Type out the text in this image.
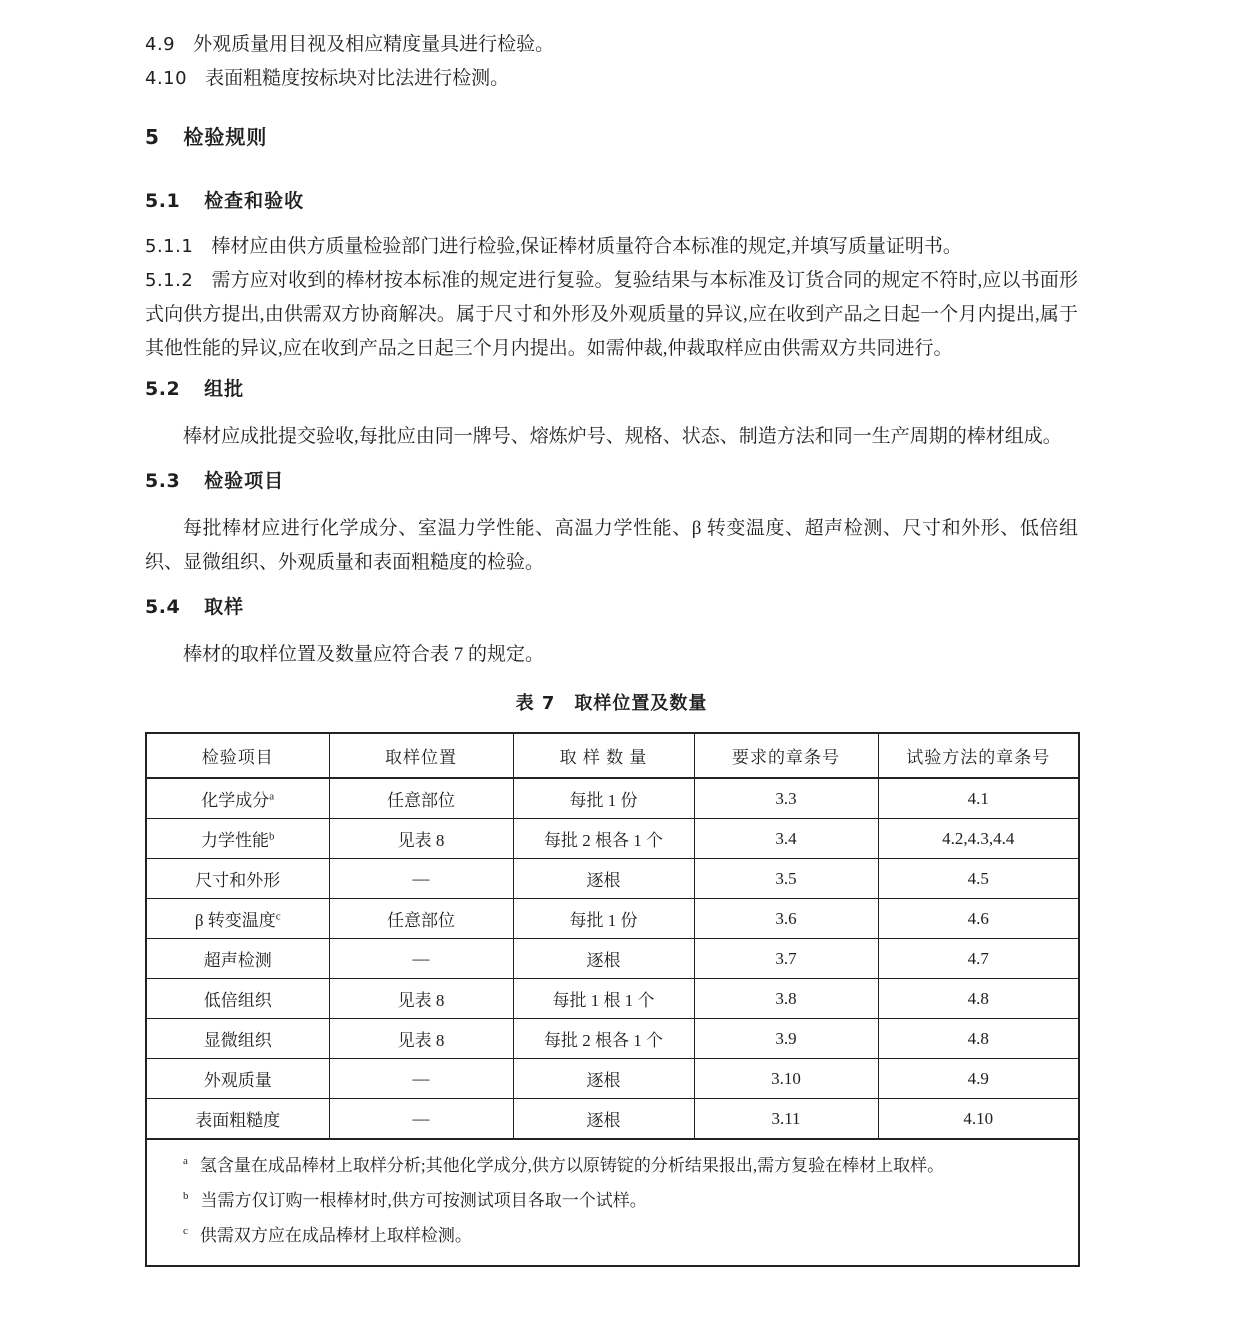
4.9 外观质量用目视及相应精度量具进行检验。

4.10 表面粗糙度按标块对比法进行检测。

5 检验规则

5.1 检查和验收

5.1.1 棒材应由供方质量检验部门进行检验,保证棒材质量符合本标准的规定,并填写质量证明书。

5.1.2 需方应对收到的棒材按本标准的规定进行复验。复验结果与本标准及订货合同的规定不符时,应以书面形式向供方提出,由供需双方协商解决。属于尺寸和外形及外观质量的异议,应在收到产品之日起一个月内提出,属于其他性能的异议,应在收到产品之日起三个月内提出。如需仲裁,仲裁取样应由供需双方共同进行。

5.2 组批

棒材应成批提交验收,每批应由同一牌号、熔炼炉号、规格、状态、制造方法和同一生产周期的棒材组成。

5.3 检验项目

每批棒材应进行化学成分、室温力学性能、高温力学性能、β 转变温度、超声检测、尺寸和外形、低倍组织、显微组织、外观质量和表面粗糙度的检验。

5.4 取样

棒材的取样位置及数量应符合表 7 的规定。

表 7　取样位置及数量

检验项目	取样位置	取 样 数 量	要求的章条号	试验方法的章条号
化学成分$^a$	任意部位	每批 1 份	3.3	4.1
力学性能$^b$	见表 8	每批 2 根各 1 个	3.4	4.2,4.3,4.4
尺寸和外形	—	逐根	3.5	4.5
β 转变温度$^c$	任意部位	每批 1 份	3.6	4.6
超声检测	—	逐根	3.7	4.7
低倍组织	见表 8	每批 1 根 1 个	3.8	4.8
显微组织	见表 8	每批 2 根各 1 个	3.9	4.8
外观质量	—	逐根	3.10	4.9
表面粗糙度	—	逐根	3.11	4.10

$^a$ 氢含量在成品棒材上取样分析;其他化学成分,供方以原铸锭的分析结果报出,需方复验在棒材上取样。
$^b$ 当需方仅订购一根棒材时,供方可按测试项目各取一个试样。
$^c$ 供需双方应在成品棒材上取样检测。				
